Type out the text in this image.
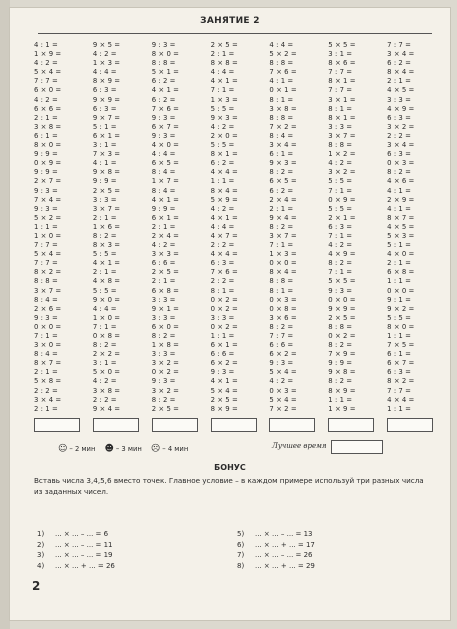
ЗАНЯТИЕ 2
4 : 1 =
1 × 9 =
4 : 2 =
5 × 4 =
7 : 7 =
6 × 0 =
4 : 2 =
6 × 6 =
2 : 1 =
3 × 8 =
6 : 1 =
8 × 0 =
9 : 9 =
0 × 9 =
9 : 9 =
2 × 7 =
9 : 3 =
7 × 4 =
9 : 3 =
5 × 2 =
1 : 1 =
1 × 0 =
7 : 7 =
5 × 4 =
7 : 7 =
8 × 2 =
8 : 8 =
3 × 7 =
8 : 4 =
2 × 6 =
9 : 3 =
0 × 0 =
7 : 1 =
3 × 0 =
8 : 4 =
8 × 7 =
2 : 1 =
5 × 8 =
2 : 2 =
3 × 4 =
2 : 1 =
9 × 5 =
4 : 2 =
1 × 3 =
4 : 4 =
8 × 9 =
6 : 3 =
9 × 9 =
6 : 3 =
9 × 7 =
5 : 1 =
6 × 1 =
3 : 1 =
7 × 3 =
4 : 1 =
9 × 8 =
9 : 9 =
2 × 5 =
3 : 3 =
3 × 7 =
2 : 1 =
1 × 6 =
8 : 2 =
8 × 3 =
5 : 5 =
4 × 1 =
2 : 1 =
4 × 8 =
5 : 5 =
9 × 0 =
4 : 4 =
1 × 0 =
7 : 1 =
0 × 8 =
8 : 2 =
2 × 2 =
3 : 1 =
5 × 0 =
4 : 2 =
3 × 8 =
2 : 2 =
9 × 4 =
9 : 3 =
8 × 0 =
8 : 8 =
5 × 1 =
6 : 2 =
4 × 1 =
6 : 2 =
7 × 6 =
9 : 3 =
6 × 7 =
9 : 3 =
4 × 0 =
4 : 4 =
6 × 5 =
8 : 4 =
1 × 7 =
8 : 4 =
4 × 1 =
9 : 9 =
6 × 1 =
2 : 1 =
2 × 4 =
4 : 2 =
3 × 3 =
6 : 6 =
2 × 5 =
2 : 1 =
6 × 8 =
3 : 3 =
9 × 1 =
3 : 3 =
6 × 0 =
8 : 2 =
1 × 8 =
3 : 3 =
3 × 2 =
0 × 2 =
9 : 3 =
3 × 2 =
8 : 2 =
2 × 5 =
2 × 5 =
2 : 1 =
8 × 8 =
4 : 4 =
4 × 1 =
7 : 1 =
1 × 3 =
5 : 5 =
9 × 3 =
4 : 2 =
2 × 0 =
5 : 5 =
8 × 1 =
6 : 2 =
4 × 4 =
1 : 1 =
8 × 4 =
5 × 9 =
4 : 2 =
4 × 1 =
4 : 4 =
4 × 7 =
2 : 2 =
4 × 4 =
6 : 3 =
7 × 6 =
2 : 2 =
8 : 1 =
0 × 2 =
0 × 2 =
3 : 3 =
0 × 2 =
1 : 1 =
6 × 1 =
6 : 6 =
6 × 2 =
9 : 3 =
4 × 1 =
5 × 4 =
2 × 5 =
8 × 9 =
4 : 4 =
5 × 2 =
8 : 8 =
7 × 6 =
4 : 1 =
0 × 1 =
8 : 1 =
3 × 8 =
8 : 8 =
7 × 2 =
8 : 4 =
3 × 4 =
6 : 1 =
9 × 3 =
8 : 2 =
6 × 5 =
6 : 2 =
2 × 4 =
2 : 1 =
9 × 4 =
8 : 2 =
3 × 7 =
7 : 1 =
1 × 3 =
0 × 0 =
8 × 4 =
8 : 8 =
8 : 1 =
0 × 3 =
0 × 8 =
3 × 6 =
8 : 2 =
7 : 7 =
6 : 6 =
6 × 2 =
9 : 3 =
5 × 4 =
4 : 2 =
0 × 3 =
5 × 4 =
7 × 2 =
5 × 5 =
3 : 1 =
8 × 6 =
7 : 7 =
8 × 1 =
7 : 7 =
3 × 1 =
8 : 1 =
8 × 1 =
3 : 3 =
3 × 7 =
8 : 8 =
1 × 2 =
4 : 2 =
3 × 2 =
5 : 5 =
7 : 1 =
0 × 9 =
5 : 5 =
2 × 1 =
6 : 3 =
7 : 1 =
4 : 2 =
4 × 9 =
8 : 2 =
7 : 1 =
5 × 5 =
9 : 3 =
0 × 0 =
9 × 9 =
2 × 5 =
8 : 8 =
0 × 2 =
8 : 2 =
7 × 9 =
9 : 9 =
9 × 8 =
8 : 2 =
8 × 9 =
1 : 1 =
1 × 9 =
7 : 7 =
3 × 4 =
6 : 2 =
8 × 4 =
2 : 1 =
4 × 5 =
3 : 3 =
4 × 9 =
6 : 3 =
3 × 2 =
2 : 2 =
3 × 4 =
6 : 3 =
0 × 3 =
8 : 2 =
4 × 6 =
4 : 1 =
2 × 9 =
4 : 1 =
8 × 7 =
4 × 5 =
5 × 3 =
5 : 1 =
4 × 0 =
2 : 1 =
6 × 8 =
1 : 1 =
0 × 0 =
9 : 1 =
9 × 2 =
5 : 5 =
8 × 0 =
1 : 1 =
7 × 5 =
6 : 1 =
6 × 7 =
6 : 3 =
8 × 2 =
7 : 7 =
4 × 4 =
1 : 1 =
☺ – 2 мин ☻ – 3 мин ☹ – 4 мин	Лучшее время
БОНУС
Вставь числа 3,4,5,6 вместо точек. Главное условие – в каждом примере используй три разных числа из заданных чисел.
1) ... × ... – ... = 6	5) ... × ... – ... = 13
2) ... × ... – ... = 11	6) ... × ... + ... = 17
3) ... × ... – ... = 19	7) ... × ... – ... = 26
4) ... × ... + ... = 26	8) ... × ... + ... = 29
2
